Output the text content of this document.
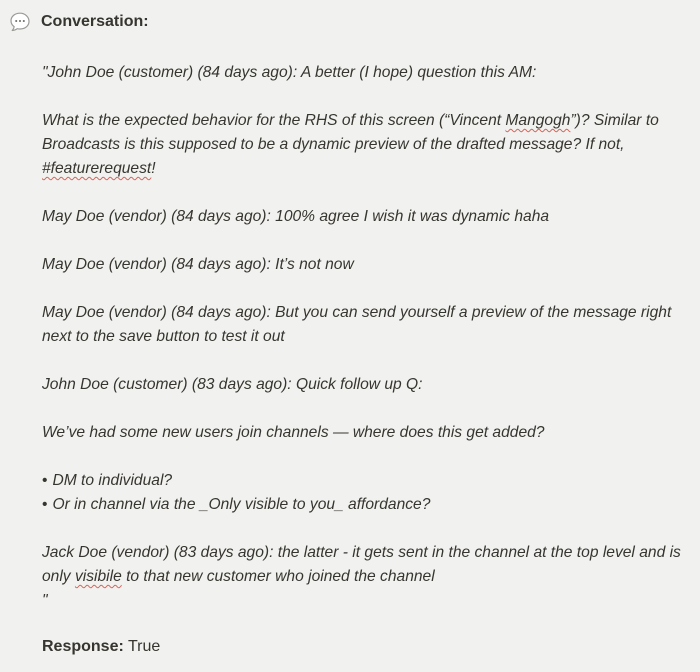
Conversation:

"John Doe (customer) (84 days ago): A better (I hope) question this AM:

What is the expected behavior for the RHS of this screen (“Vincent Mangogh”)? Similar to Broadcasts is this supposed to be a dynamic preview of the drafted message? If not, #featurerequest!

May Doe (vendor) (84 days ago): 100% agree I wish it was dynamic haha

May Doe (vendor) (84 days ago): It’s not now

May Doe (vendor) (84 days ago): But you can send yourself a preview of the message right next to the save button to test it out

John Doe (customer) (83 days ago): Quick follow up Q:

We’ve had some new users join channels — where does this get added?

• DM to individual?
• Or in channel via the _Only visible to you_ affordance?

Jack Doe (vendor) (83 days ago): the latter - it gets sent in the channel at the top level and is only visibile to that new customer who joined the channel

"

Response: True
